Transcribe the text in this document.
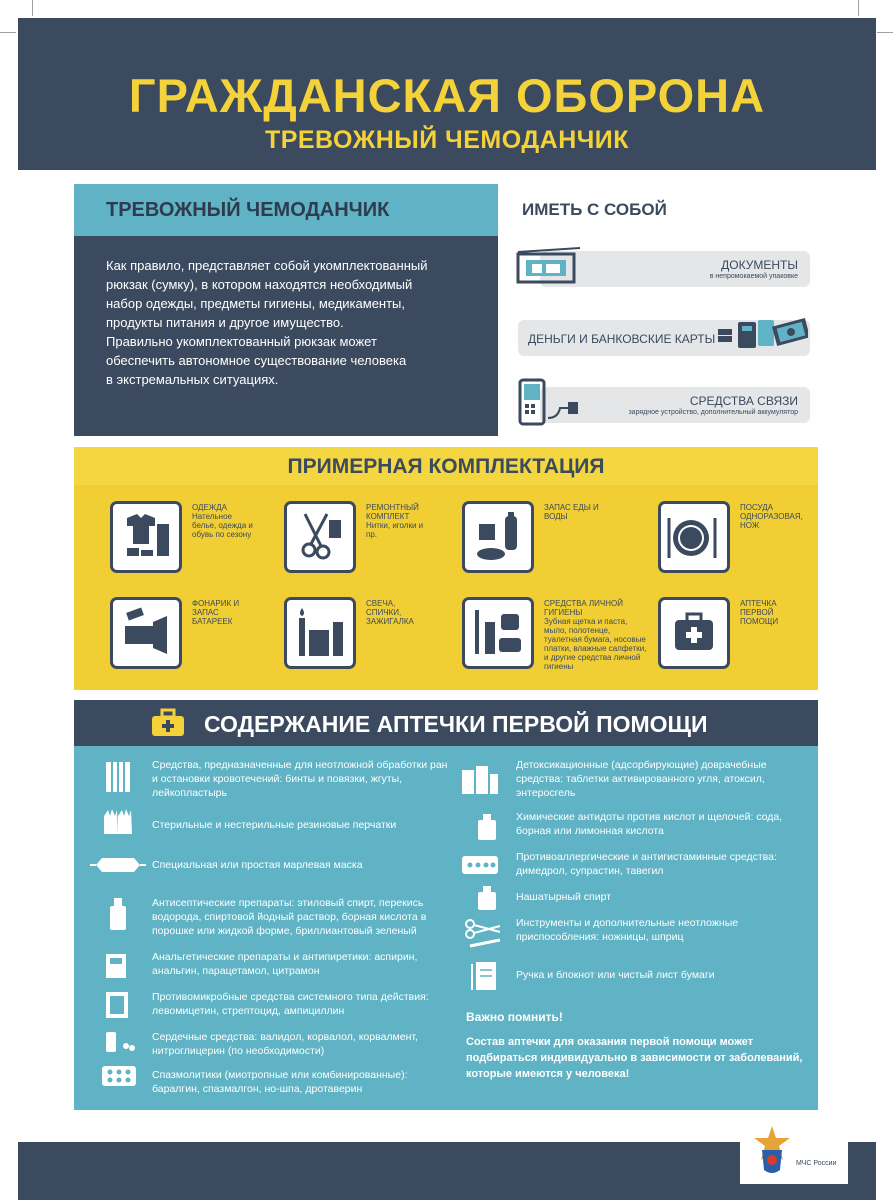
ГРАЖДАНСКАЯ ОБОРОНА
ТРЕВОЖНЫЙ ЧЕМОДАНЧИК
ТРЕВОЖНЫЙ ЧЕМОДАНЧИК
Как правило, представляет собой укомплектованный
рюкзак (сумку), в котором находятся необходимый
набор одежды, предметы гигиены, медикаменты,
продукты питания и другое имущество.
Правильно укомплектованный рюкзак может
обеспечить автономное существование человека
в экстремальных ситуациях.
ИМЕТЬ С СОБОЙ
ДОКУМЕНТЫ
в непромокаемой упаковке
ДЕНЬГИ И БАНКОВСКИЕ КАРТЫ
СРЕДСТВА СВЯЗИ
зарядное устройство, дополнительный аккумулятор
ПРИМЕРНАЯ КОМПЛЕКТАЦИЯ
ОДЕЖДА
Нательное белье, одежда и обувь по сезону
РЕМОНТНЫЙ КОМПЛЕКТ
Нитки, иголки и пр.
ЗАПАС ЕДЫ И ВОДЫ
ПОСУДА ОДНОРАЗОВАЯ, НОЖ
ФОНАРИК И ЗАПАС БАТАРЕЕК
СВЕЧА, СПИЧКИ, ЗАЖИГАЛКА
СРЕДСТВА ЛИЧНОЙ ГИГИЕНЫ
Зубная щетка и паста, мыло, полотенце, туалетная бумага, носовые платки, влажные салфетки, и другие средства личной гигиены
АПТЕЧКА ПЕРВОЙ ПОМОЩИ
СОДЕРЖАНИЕ АПТЕЧКИ ПЕРВОЙ ПОМОЩИ
Средства, предназначенные для неотложной обработки ран и остановки кровотечений: бинты и повязки, жгуты, лейкопластырь
Стерильные и нестерильные резиновые перчатки
Специальная или простая марлевая маска
Антисептические препараты: этиловый спирт, перекись водорода, спиртовой йодный раствор, борная кислота в порошке или жидкой форме, бриллиантовый зеленый
Анальгетические препараты и антипиретики: аспирин, анальгин, парацетамол, цитрамон
Противомикробные средства системного типа действия: левомицетин, стрептоцид, ампициллин
Сердечные средства: валидол, корвалол, корвалмент, нитроглицерин (по необходимости)
Спазмолитики (миотропные или комбинированные): баралгин, спазмалгон, но-шпа, дротаверин
Детоксикационные (адсорбирующие) доврачебные средства: таблетки активированного угля, атоксил, энтеросгель
Химические антидоты против кислот и щелочей: сода, борная или лимонная кислота
Противоаллергические и антигистаминные средства: димедрол, супрастин, тавегил
Нашатырный спирт
Инструменты и дополнительные неотложные приспособления: ножницы, шприц
Ручка и блокнот или чистый лист бумаги
Важно помнить!
Состав аптечки для оказания первой помощи может подбираться индивидуально в зависимости от заболеваний, которые имеются у человека!
МЧС России
